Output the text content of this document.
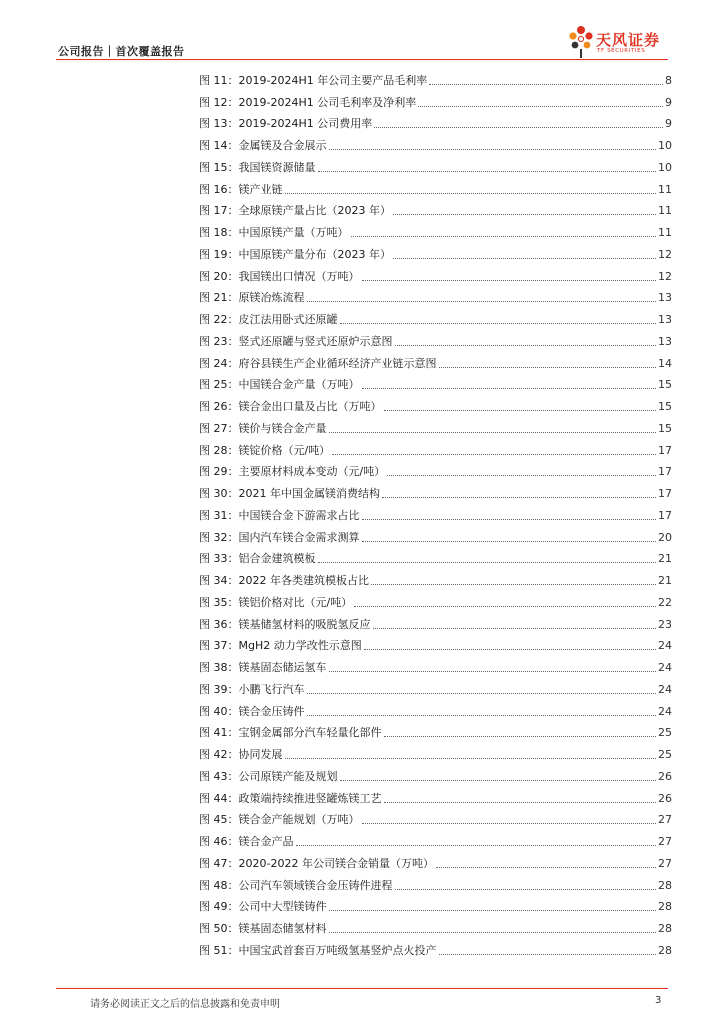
公司报告｜首次覆盖报告
天风证券
TF SECURITIES
图 11：2019-2024H1 年公司主要产品毛利率	8
图 12：2019-2024H1 公司毛利率及净利率	9
图 13：2019-2024H1 公司费用率	9
图 14：金属镁及合金展示	10
图 15：我国镁资源储量	10
图 16：镁产业链	11
图 17：全球原镁产量占比（2023 年）	11
图 18：中国原镁产量（万吨）	11
图 19：中国原镁产量分布（2023 年）	12
图 20：我国镁出口情况（万吨）	12
图 21：原镁冶炼流程	13
图 22：皮江法用卧式还原罐	13
图 23：竖式还原罐与竖式还原炉示意图	13
图 24：府谷县镁生产企业循环经济产业链示意图	14
图 25：中国镁合金产量（万吨）	15
图 26：镁合金出口量及占比（万吨）	15
图 27：镁价与镁合金产量	15
图 28：镁锭价格（元/吨）	17
图 29：主要原材料成本变动（元/吨）	17
图 30：2021 年中国金属镁消费结构	17
图 31：中国镁合金下游需求占比	17
图 32：国内汽车镁合金需求测算	20
图 33：铝合金建筑模板	21
图 34：2022 年各类建筑模板占比	21
图 35：镁铝价格对比（元/吨）	22
图 36：镁基储氢材料的吸脱氢反应	23
图 37：MgH2 动力学改性示意图	24
图 38：镁基固态储运氢车	24
图 39：小鹏飞行汽车	24
图 40：镁合金压铸件	24
图 41：宝钢金属部分汽车轻量化部件	25
图 42：协同发展	25
图 43：公司原镁产能及规划	26
图 44：政策端持续推进竖罐炼镁工艺	26
图 45：镁合金产能规划（万吨）	27
图 46：镁合金产品	27
图 47：2020-2022 年公司镁合金销量（万吨）	27
图 48：公司汽车领域镁合金压铸件进程	28
图 49：公司中大型镁铸件	28
图 50：镁基固态储氢材料	28
图 51：中国宝武首套百万吨级氢基竖炉点火投产	28
请务必阅读正文之后的信息披露和免责申明	3
